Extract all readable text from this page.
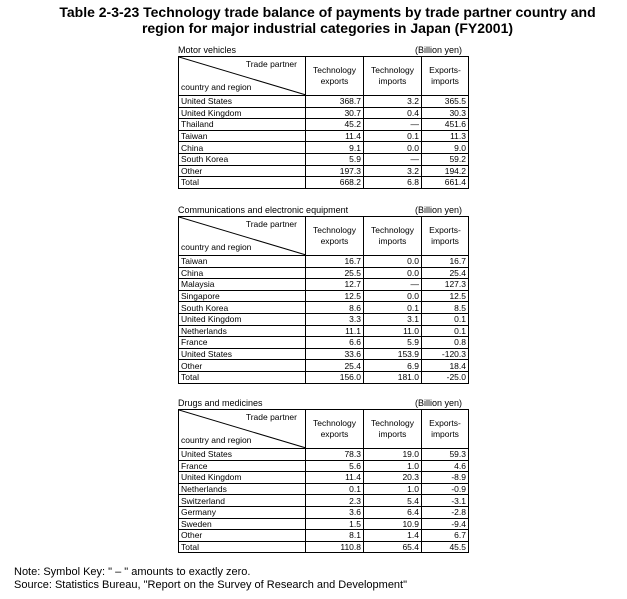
Table 2-3-23 Technology trade balance of payments by trade partner country and
region for major industrial categories in Japan (FY2001)
Motor vehicles	(Billion yen)
Trade partner
country and region	Technology exports	Technology imports	Exports-imports
United States	368.7	3.2	365.5
United Kingdom	30.7	0.4	30.3
Thailand	45.2	—	451.6
Taiwan	11.4	0.1	11.3
China	9.1	0.0	9.0
South Korea	5.9	—	59.2
Other	197.3	3.2	194.2
Total	668.2	6.8	661.4
Communications and electronic equipment	(Billion yen)
Trade partner
country and region	Technology exports	Technology imports	Exports-imports
Taiwan	16.7	0.0	16.7
China	25.5	0.0	25.4
Malaysia	12.7	—	127.3
Singapore	12.5	0.0	12.5
South Korea	8.6	0.1	8.5
United Kingdom	3.3	3.1	0.1
Netherlands	11.1	11.0	0.1
France	6.6	5.9	0.8
United States	33.6	153.9	-120.3
Other	25.4	6.9	18.4
Total	156.0	181.0	-25.0
Drugs and medicines	(Billion yen)
Trade partner
country and region	Technology exports	Technology imports	Exports-imports
United States	78.3	19.0	59.3
France	5.6	1.0	4.6
United Kingdom	11.4	20.3	-8.9
Netherlands	0.1	1.0	-0.9
Switzerland	2.3	5.4	-3.1
Germany	3.6	6.4	-2.8
Sweden	1.5	10.9	-9.4
Other	8.1	1.4	6.7
Total	110.8	65.4	45.5
Note: Symbol Key: " – " amounts to exactly zero.
Source: Statistics Bureau, "Report on the Survey of Research and Development"
